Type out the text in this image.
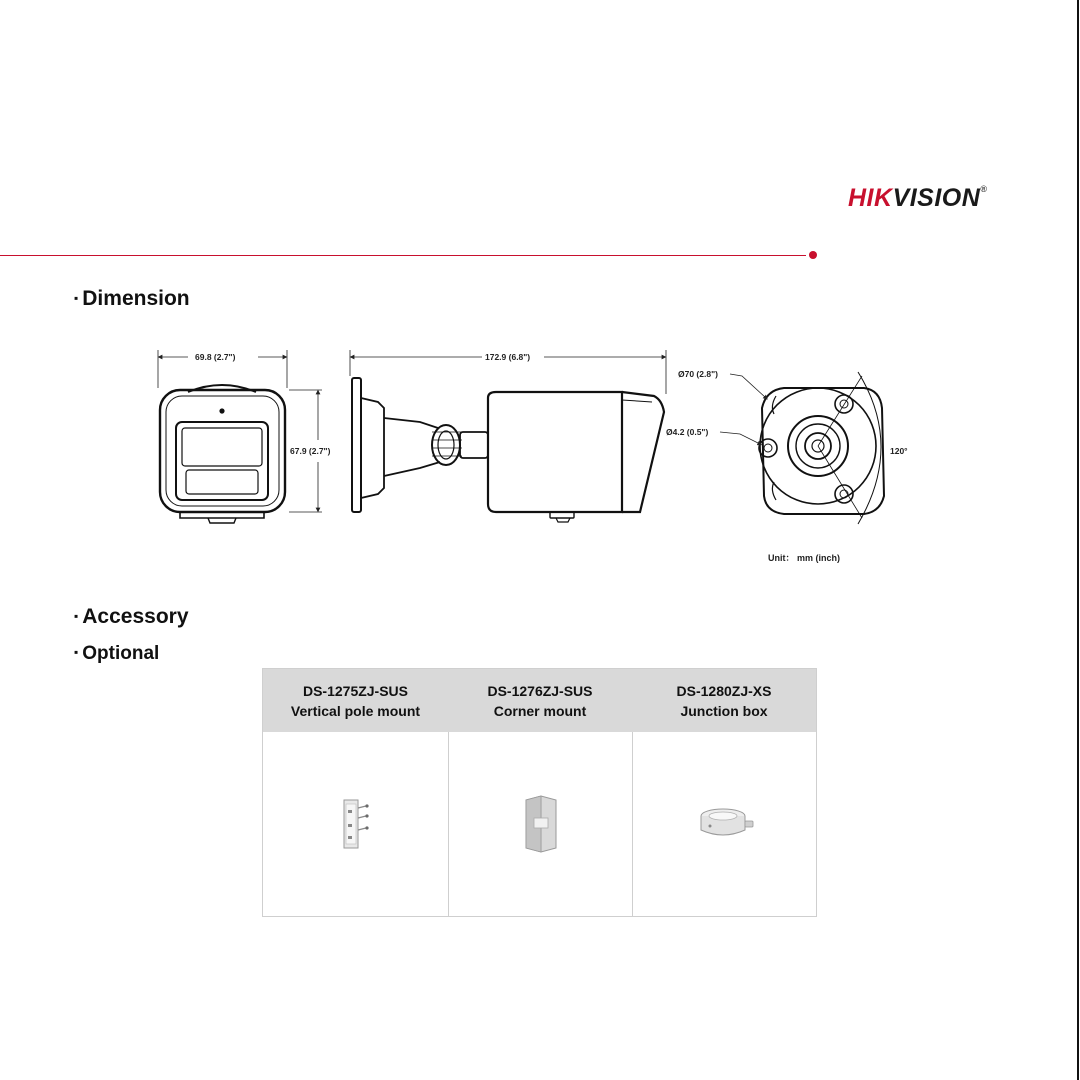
HIKVISION®
▪ Dimension
69.8 (2.7")
67.9 (2.7")
172.9 (6.8")
Ø70 (2.8")
Ø4.2 (0.5")
120°
Unit： mm (inch)
▪ Accessory
▪ Optional
DS-1275ZJ-SUS
Vertical pole mount
DS-1276ZJ-SUS
Corner mount
DS-1280ZJ-XS
Junction box
